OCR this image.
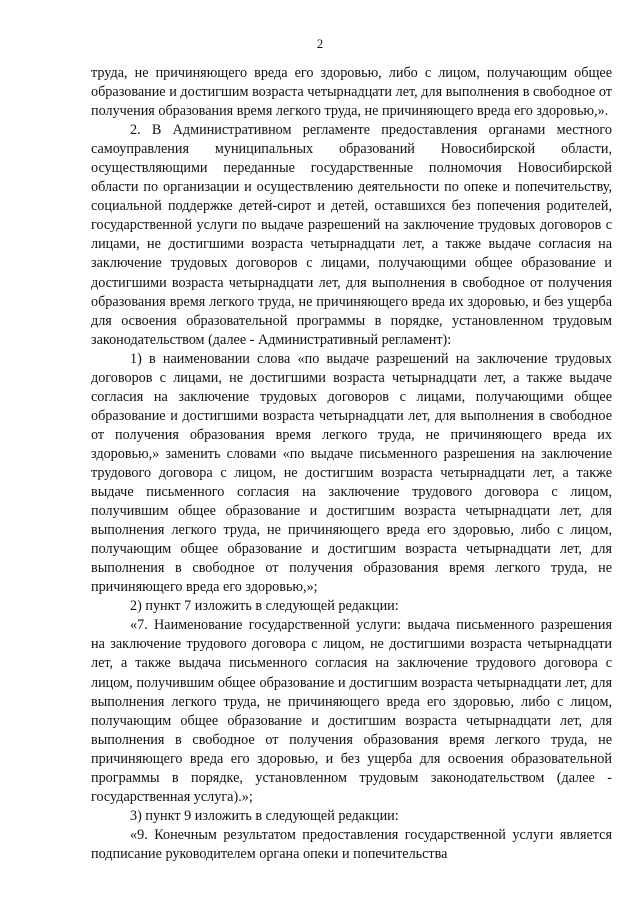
2

труда, не причиняющего вреда его здоровью, либо с лицом, получающим общее образование и достигшим возраста четырнадцати лет, для выполнения в свободное от получения образования время легкого труда, не причиняющего вреда его здоровью,».

2. В Административном регламенте предоставления органами местного самоуправления муниципальных образований Новосибирской области, осуществляющими переданные государственные полномочия Новосибирской области по организации и осуществлению деятельности по опеке и попечительству, социальной поддержке детей-сирот и детей, оставшихся без попечения родителей, государственной услуги по выдаче разрешений на заключение трудовых договоров с лицами, не достигшими возраста четырнадцати лет, а также выдаче согласия на заключение трудовых договоров с лицами, получающими общее образование и достигшими возраста четырнадцати лет, для выполнения в свободное от получения образования время легкого труда, не причиняющего вреда их здоровью, и без ущерба для освоения образовательной программы в порядке, установленном трудовым законодательством (далее - Административный регламент):

1) в наименовании слова «по выдаче разрешений на заключение трудовых договоров с лицами, не достигшими возраста четырнадцати лет, а также выдаче согласия на заключение трудовых договоров с лицами, получающими общее образование и достигшими возраста четырнадцати лет, для выполнения в свободное от получения образования время легкого труда, не причиняющего вреда их здоровью,» заменить словами «по выдаче письменного разрешения на заключение трудового договора с лицом, не достигшим возраста четырнадцати лет, а также выдаче письменного согласия на заключение трудового договора с лицом, получившим общее образование и достигшим возраста четырнадцати лет, для выполнения легкого труда, не причиняющего вреда его здоровью, либо с лицом, получающим общее образование и достигшим возраста четырнадцати лет, для выполнения в свободное от получения образования время легкого труда, не причиняющего вреда его здоровью,»;

2) пункт 7 изложить в следующей редакции:

«7. Наименование государственной услуги: выдача письменного разрешения на заключение трудового договора с лицом, не достигшими возраста четырнадцати лет, а также выдача письменного согласия на заключение трудового договора с лицом, получившим общее образование и достигшим возраста четырнадцати лет, для выполнения легкого труда, не причиняющего вреда его здоровью, либо с лицом, получающим общее образование и достигшим возраста четырнадцати лет, для выполнения в свободное от получения образования время легкого труда, не причиняющего вреда его здоровью, и без ущерба для освоения образовательной программы в порядке, установленном трудовым законодательством (далее - государственная услуга).»;

3) пункт 9 изложить в следующей редакции:

«9. Конечным результатом предоставления государственной услуги является подписание руководителем органа опеки и попечительства
